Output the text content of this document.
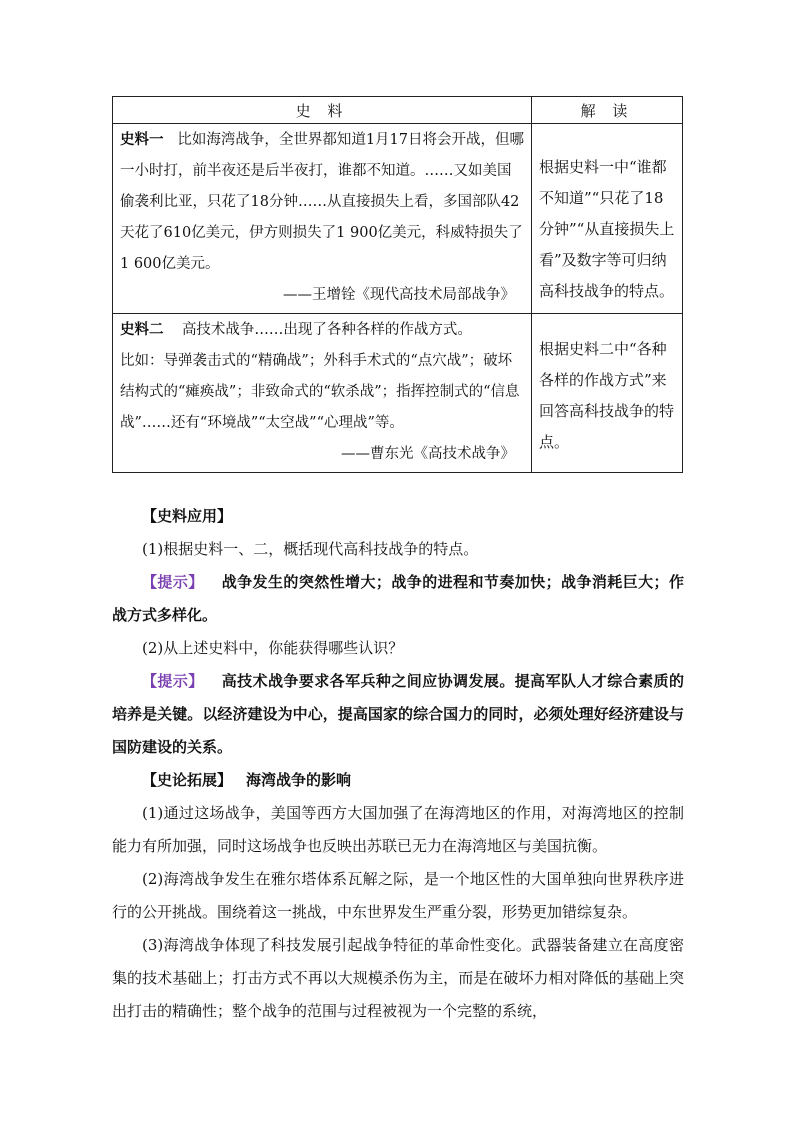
史 料	解 读

史料一 比如海湾战争，全世界都知道1月17日将会开战，但哪一小时打，前半夜还是后半夜打，谁都不知道。……又如美国偷袭利比亚，只花了18分钟……从直接损失上看，多国部队42天花了610亿美元，伊方则损失了1 900亿美元，科威特损失了1 600亿美元。

——王增铨《现代高技术局部战争》	根据史料一中“谁都不知道”“只花了18分钟”“从直接损失上看”及数字等可归纳高科技战争的特点。

史料二 高技术战争……出现了各种各样的作战方式。

比如：导弹袭击式的“精确战”；外科手术式的“点穴战”；破坏结构式的“瘫痪战”；非致命式的“软杀战”；指挥控制式的“信息战”……还有“环境战”“太空战”“心理战”等。

——曹东光《高技术战争》	根据史料二中“各种各样的作战方式”来回答高科技战争的特点。

【史料应用】

(1)根据史料一、二，概括现代高科技战争的特点。

【提示】 战争发生的突然性增大；战争的进程和节奏加快；战争消耗巨大；作战方式多样化。

(2)从上述史料中，你能获得哪些认识？

【提示】 高技术战争要求各军兵种之间应协调发展。提高军队人才综合素质的培养是关键。以经济建设为中心，提高国家的综合国力的同时，必须处理好经济建设与国防建设的关系。

【史论拓展】 海湾战争的影响

(1)通过这场战争，美国等西方大国加强了在海湾地区的作用，对海湾地区的控制能力有所加强，同时这场战争也反映出苏联已无力在海湾地区与美国抗衡。

(2)海湾战争发生在雅尔塔体系瓦解之际，是一个地区性的大国单独向世界秩序进行的公开挑战。围绕着这一挑战，中东世界发生严重分裂，形势更加错综复杂。

(3)海湾战争体现了科技发展引起战争特征的革命性变化。武器装备建立在高度密集的技术基础上；打击方式不再以大规模杀伤为主，而是在破坏力相对降低的基础上突出打击的精确性；整个战争的范围与过程被视为一个完整的系统，
